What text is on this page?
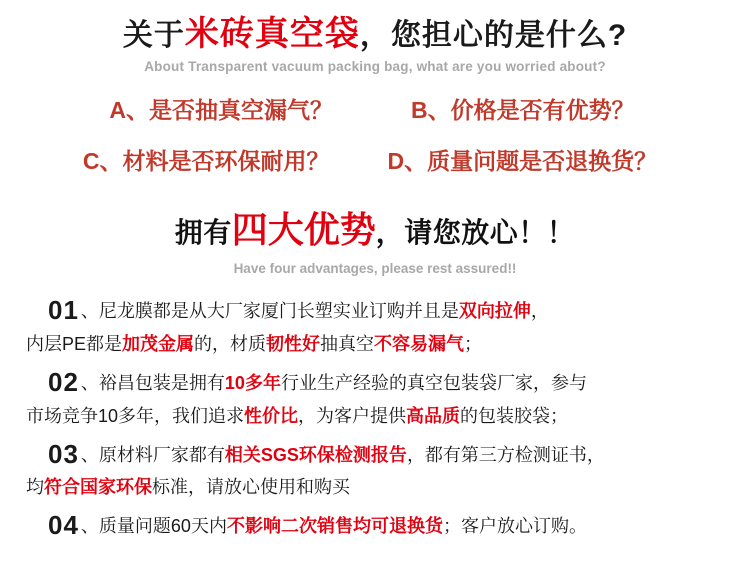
关于米砖真空袋，您担心的是什么?
About Transparent vacuum packing bag, what are you worried about?
A、是否抽真空漏气？	B、价格是否有优势？
C、材料是否环保耐用？	D、质量问题是否退换货？
拥有四大优势，请您放心！！
Have four advantages, please rest assured!!
01 、尼龙膜都是从大厂家厦门长塑实业订购并且是双向拉伸，
内层PE都是加茂金属的，材质韧性好抽真空不容易漏气；
02 、裕昌包装是拥有10多年行业生产经验的真空包装袋厂家，参与
市场竞争10多年，我们追求性价比，为客户提供高品质的包装胶袋；
03 、原材料厂家都有相关SGS环保检测报告，都有第三方检测证书，
均符合国家环保标准，请放心使用和购买
04 、质量问题60天内不影响二次销售均可退换货；客户放心订购。
